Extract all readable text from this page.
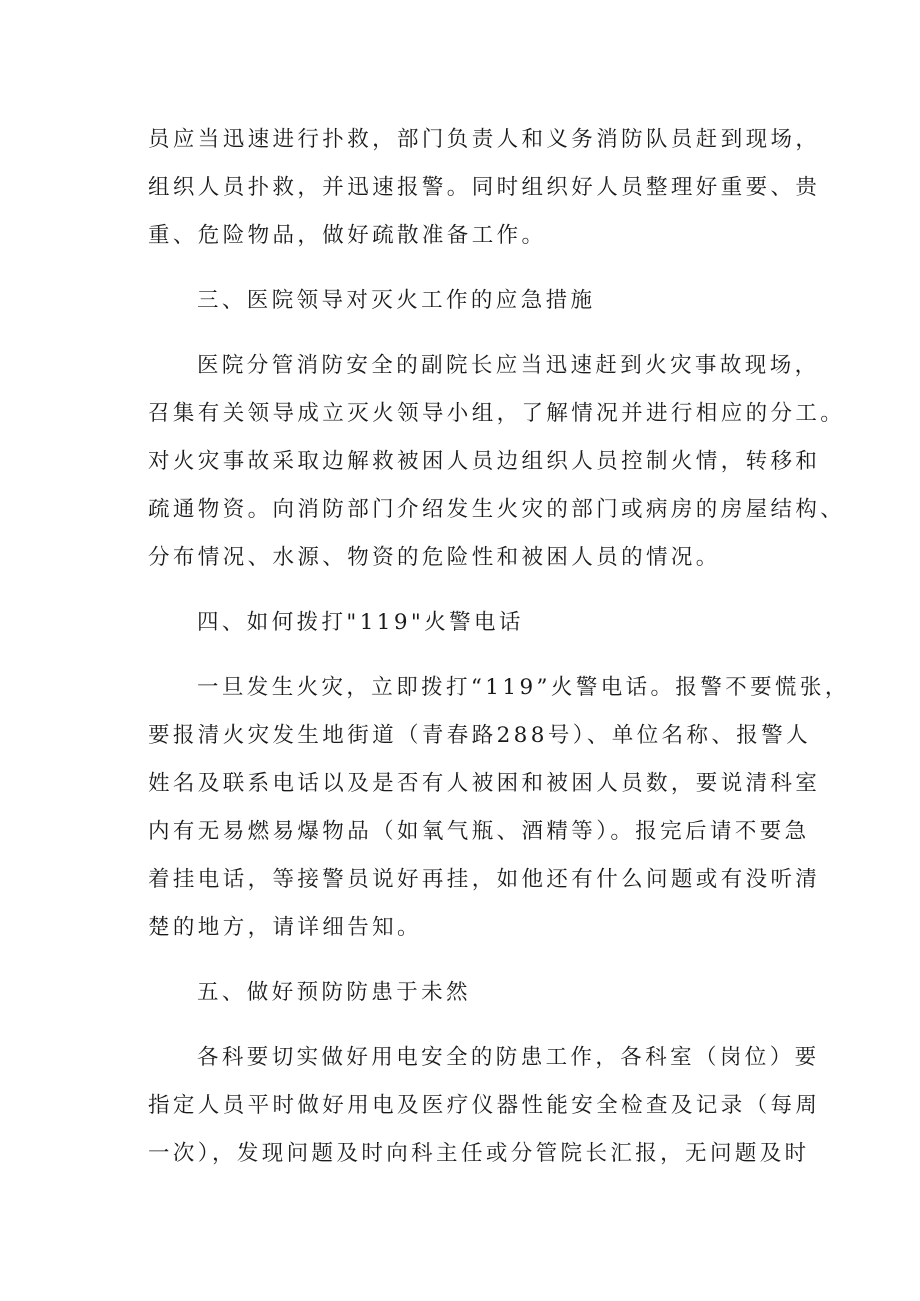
员应当迅速进行扑救，部门负责人和义务消防队员赶到现场，
组织人员扑救，并迅速报警。同时组织好人员整理好重要、贵
重、危险物品，做好疏散准备工作。
三、医院领导对灭火工作的应急措施
医院分管消防安全的副院长应当迅速赶到火灾事故现场，
召集有关领导成立灭火领导小组，了解情况并进行相应的分工。
对火灾事故采取边解救被困人员边组织人员控制火情，转移和
疏通物资。向消防部门介绍发生火灾的部门或病房的房屋结构、
分布情况、水源、物资的危险性和被困人员的情况。
四、如何拨打"119"火警电话
一旦发生火灾，立即拨打“119”火警电话。报警不要慌张，
要报清火灾发生地街道（青春路288号）、单位名称、报警人
姓名及联系电话以及是否有人被困和被困人员数，要说清科室
内有无易燃易爆物品（如氧气瓶、酒精等）。报完后请不要急
着挂电话，等接警员说好再挂，如他还有什么问题或有没听清
楚的地方，请详细告知。
五、做好预防防患于未然
各科要切实做好用电安全的防患工作，各科室（岗位）要
指定人员平时做好用电及医疗仪器性能安全检查及记录（每周
一次），发现问题及时向科主任或分管院长汇报，无问题及时
